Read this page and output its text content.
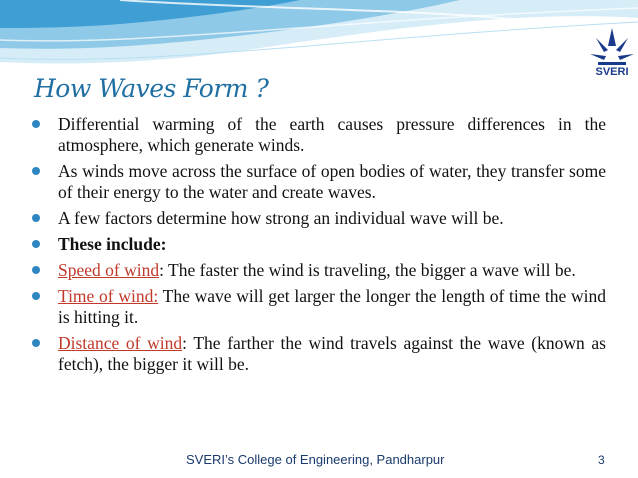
SVERI
How Waves Form ?
Differential warming of the earth causes pressure differences in the atmosphere, which generate winds.
As winds move across the surface of open bodies of water, they transfer some of their energy to the water and create waves.
A few factors determine how strong an individual wave will be.
These include:
Speed of wind: The faster the wind is traveling, the bigger a wave will be.
Time of wind: The wave will get larger the longer the length of time the wind is hitting it.
Distance of wind: The farther the wind travels against the wave (known as fetch), the bigger it will be.
SVERI’s College of Engineering, Pandharpur	3
